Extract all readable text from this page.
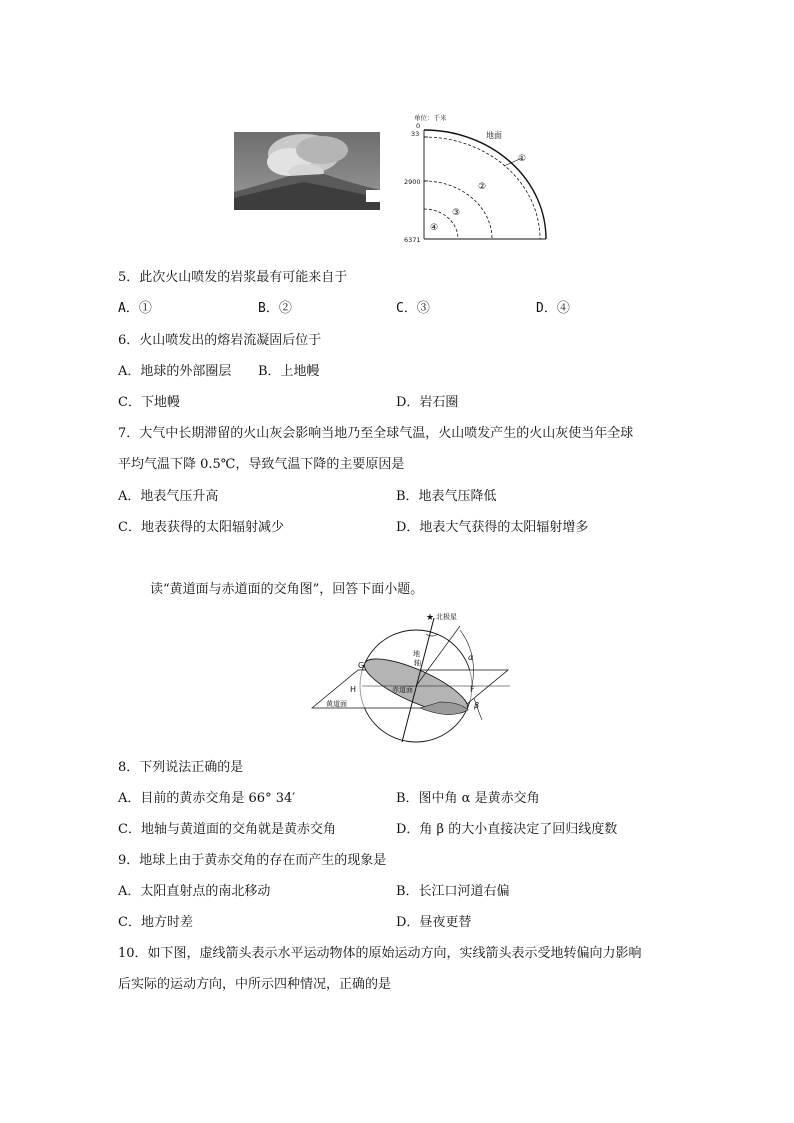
单位：千米
0
33
2900
6371
地面
①
②
③
④
5．此次火山喷发的岩浆最有可能来自于
A．①	B．②	C．③	D．④
6．火山喷发出的熔岩流凝固后位于
A．地球的外部圈层 B．上地幔
C．下地幔	D．岩石圈
7．大气中长期滞留的火山灰会影响当地乃至全球气温，火山喷发产生的火山灰使当年全球
平均气温下降 0.5℃，导致气温下降的主要原因是
A．地表气压升高	B．地表气压降低
C．地表获得的太阳辐射减少	D．地表大气获得的太阳辐射增多
读“黄道面与赤道面的交角图”，回答下面小题。
★ 北极星
地
轴
G
H	F
赤道面
黄道面
α
β
8．下列说法正确的是
A．目前的黄赤交角是 66° 34′	B．图中角 α 是黄赤交角
C．地轴与黄道面的交角就是黄赤交角	D．角 β 的大小直接决定了回归线度数
9．地球上由于黄赤交角的存在而产生的现象是
A．太阳直射点的南北移动	B．长江口河道右偏
C．地方时差	D．昼夜更替
10．如下图，虚线箭头表示水平运动物体的原始运动方向，实线箭头表示受地转偏向力影响
后实际的运动方向，中所示四种情况，正确的是
